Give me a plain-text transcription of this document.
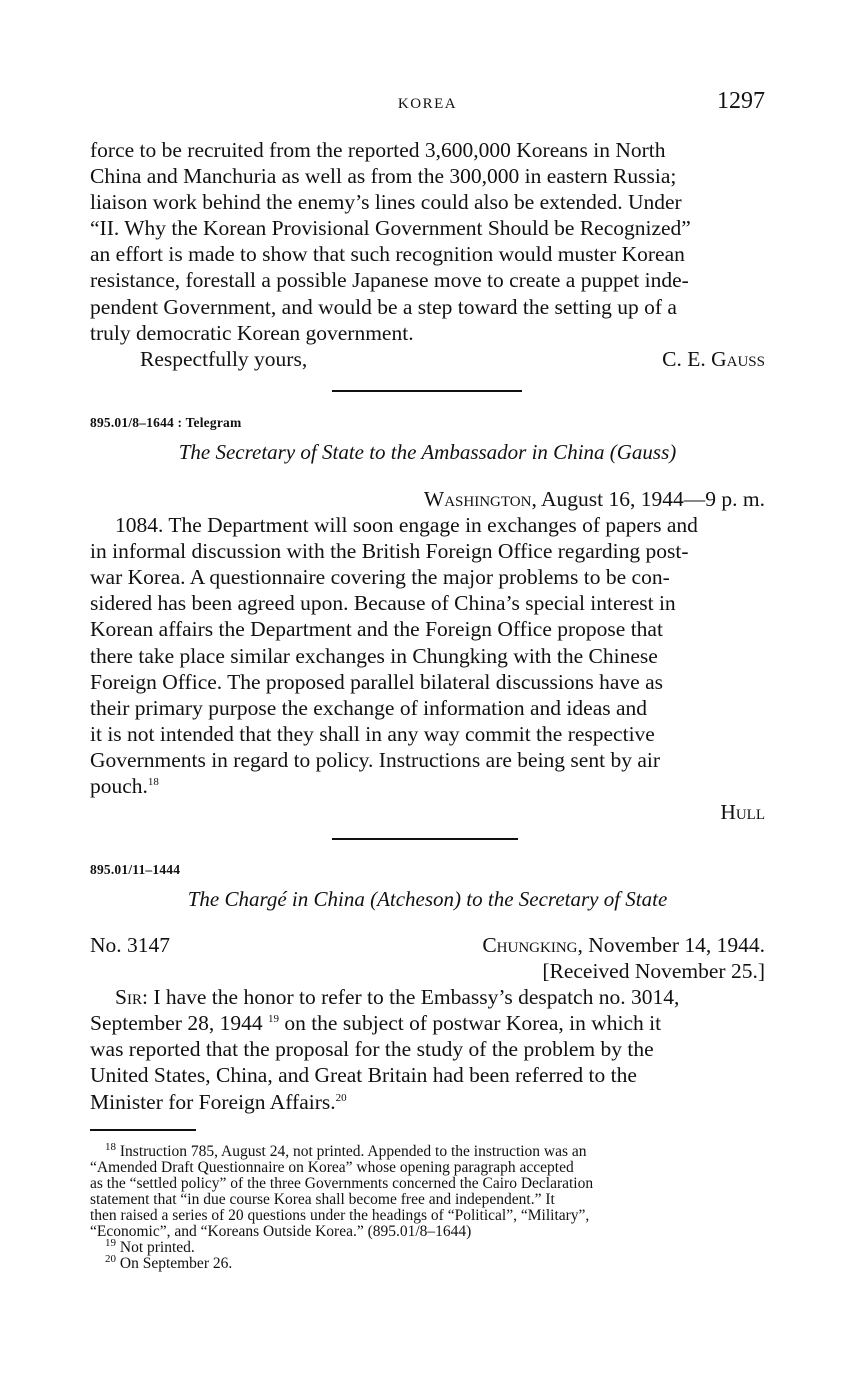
KOREA	1297
force to be recruited from the reported 3,600,000 Koreans in North
China and Manchuria as well as from the 300,000 in eastern Russia;
liaison work behind the enemy’s lines could also be extended. Under
“II. Why the Korean Provisional Government Should be Recognized”
an effort is made to show that such recognition would muster Korean
resistance, forestall a possible Japanese move to create a puppet inde-
pendent Government, and would be a step toward the setting up of a
truly democratic Korean government.
Respectfully yours,	C. E. Gauss
895.01/8–1644 : Telegram
The Secretary of State to the Ambassador in China (Gauss)
Washington, August 16, 1944—9 p. m.
1084. The Department will soon engage in exchanges of papers and
in informal discussion with the British Foreign Office regarding post-
war Korea. A questionnaire covering the major problems to be con-
sidered has been agreed upon. Because of China’s special interest in
Korean affairs the Department and the Foreign Office propose that
there take place similar exchanges in Chungking with the Chinese
Foreign Office. The proposed parallel bilateral discussions have as
their primary purpose the exchange of information and ideas and
it is not intended that they shall in any way commit the respective
Governments in regard to policy. Instructions are being sent by air
pouch.$^{18}$
Hull
895.01/11–1444
The Chargé in China (Atcheson) to the Secretary of State
No. 3147	Chungking, November 14, 1944.
[Received November 25.]
Sir: I have the honor to refer to the Embassy’s despatch no. 3014,
September 28, 1944 $^{19}$ on the subject of postwar Korea, in which it
was reported that the proposal for the study of the problem by the
United States, China, and Great Britain had been referred to the
Minister for Foreign Affairs.$^{20}$

$^{18}$ Instruction 785, August 24, not printed. Appended to the instruction was an

“Amended Draft Questionnaire on Korea” whose opening paragraph accepted

as the “settled policy” of the three Governments concerned the Cairo Declaration

statement that “in due course Korea shall become free and independent.” It

then raised a series of 20 questions under the headings of “Political”, “Military”,

“Economic”, and “Koreans Outside Korea.” (895.01/8–1644)

$^{19}$ Not printed.

$^{20}$ On September 26.
